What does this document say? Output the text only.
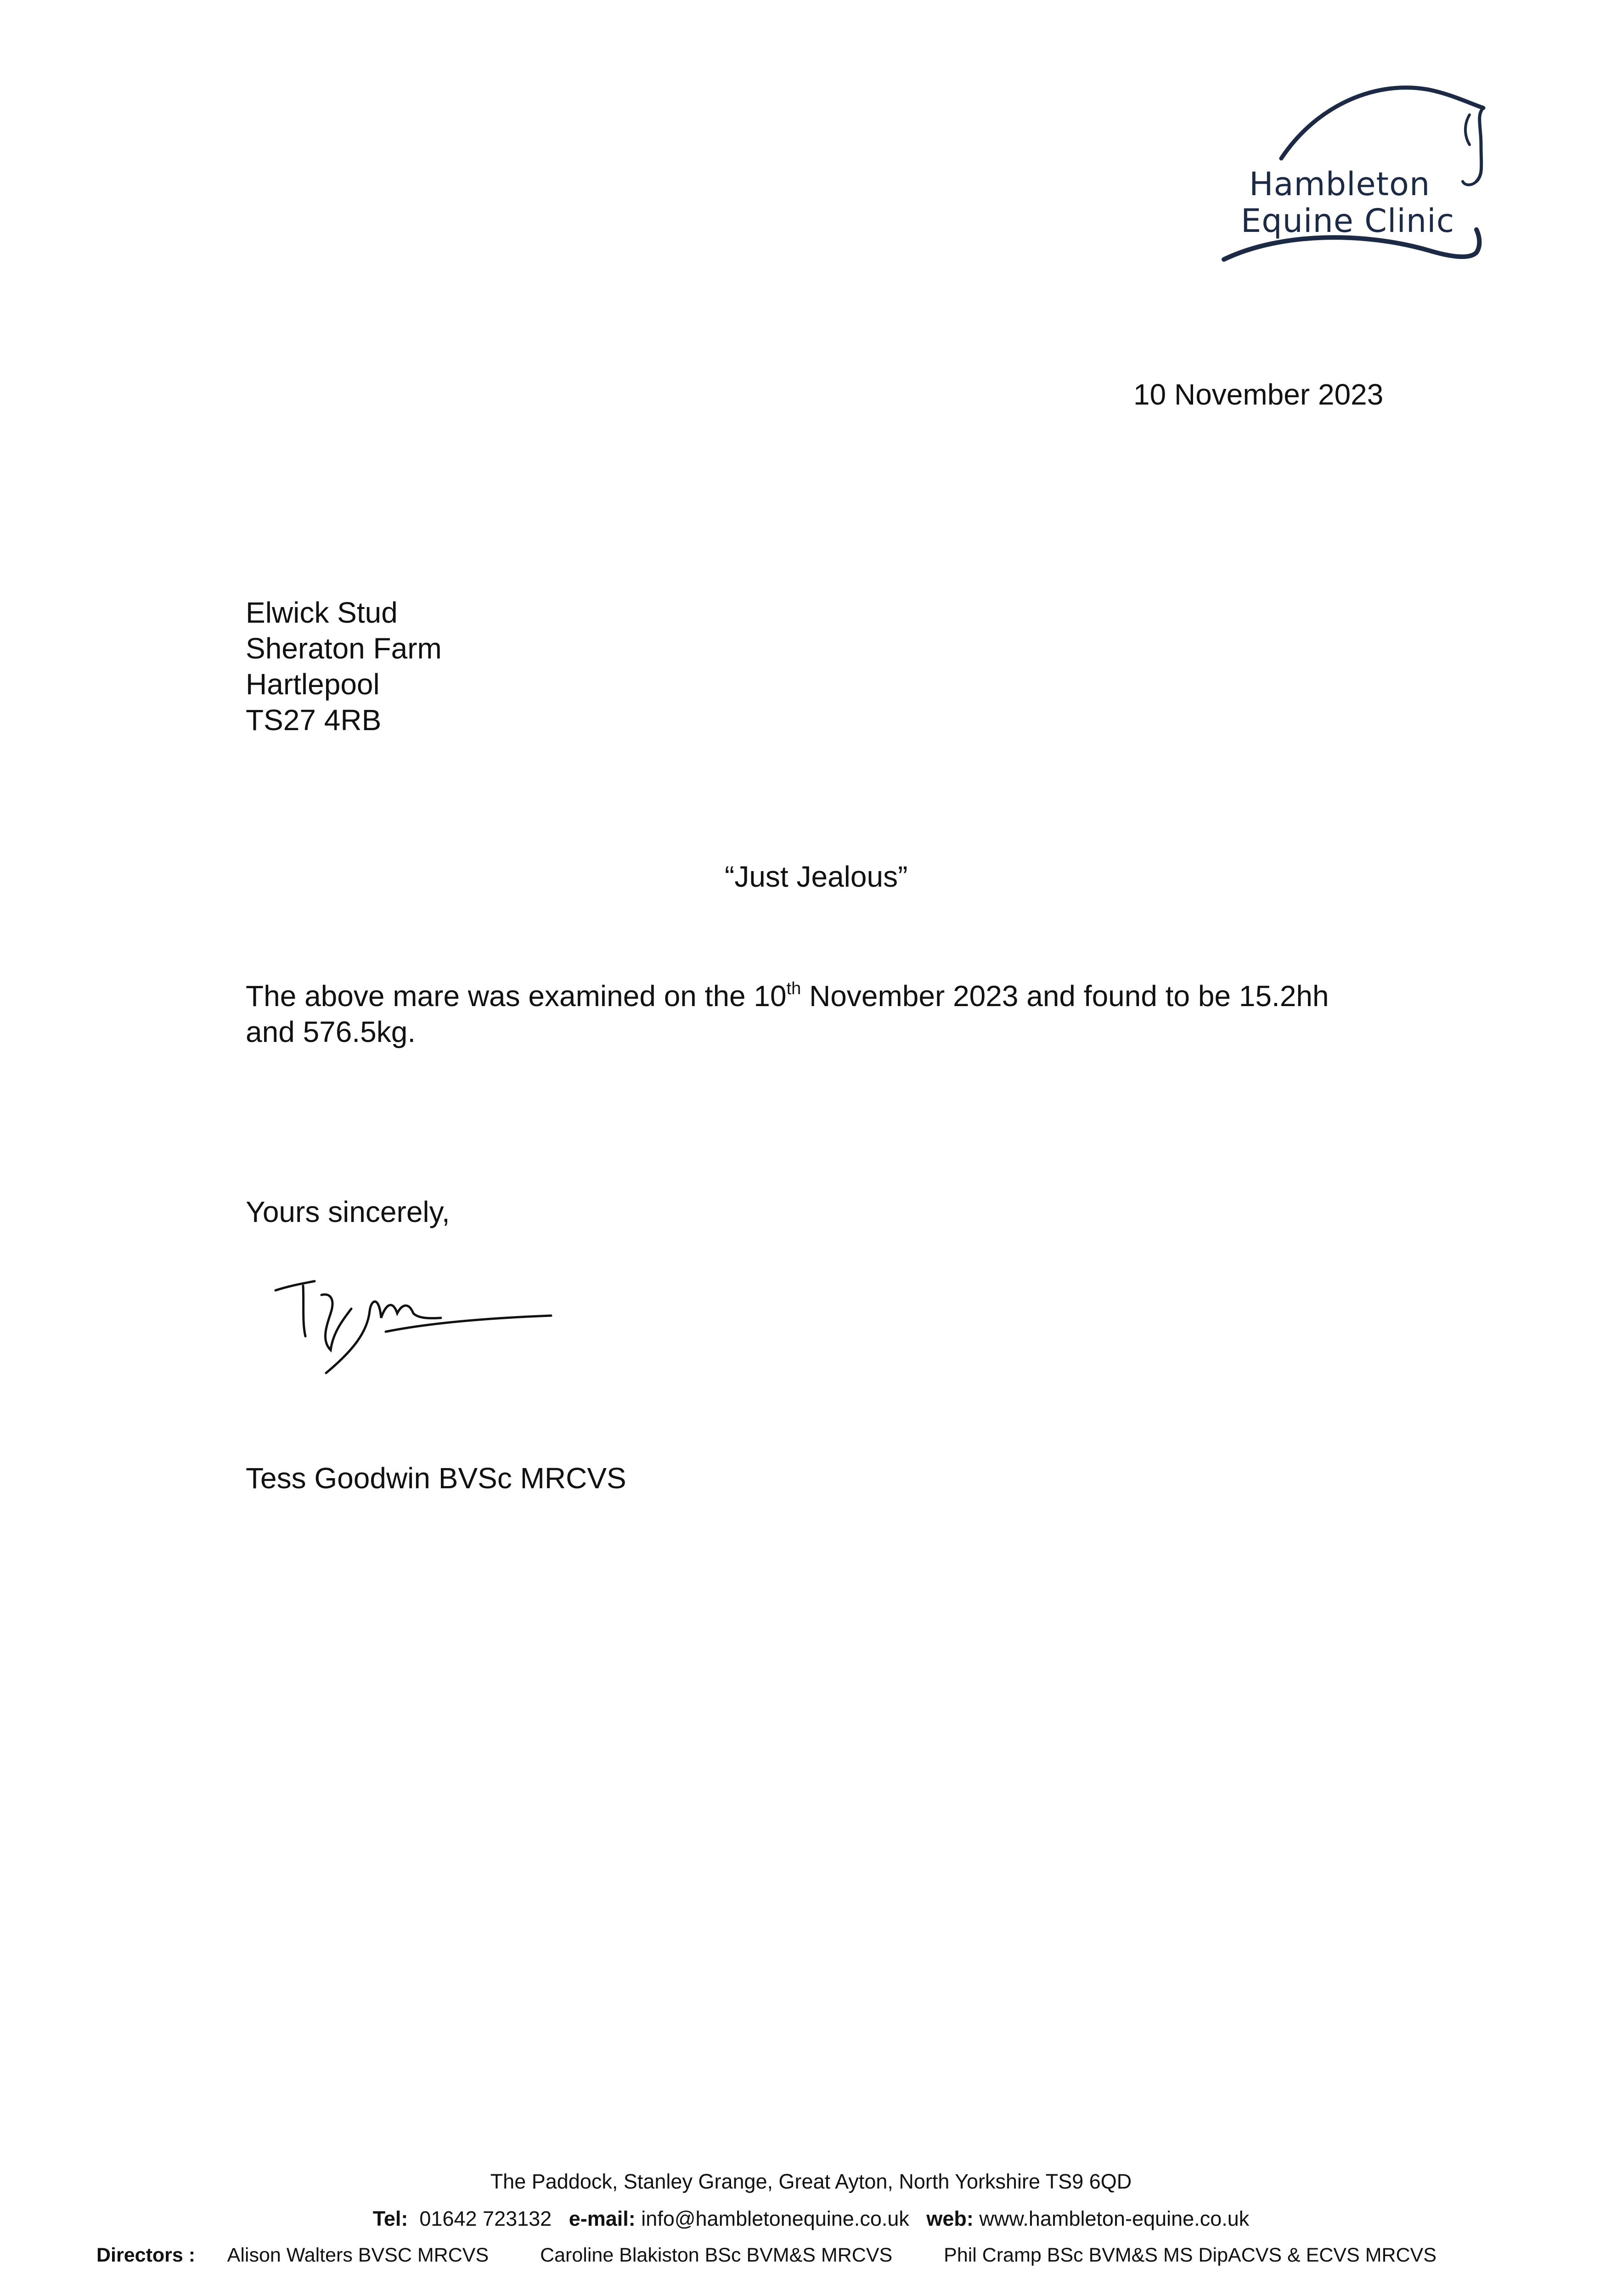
Hambleton
Equine Clinic
10 November 2023
Elwick Stud
Sheraton Farm
Hartlepool
TS27 4RB
“Just Jealous”
The above mare was examined on the 10th November 2023 and found to be 15.2hh
and 576.5kg.
Yours sincerely,
Tess Goodwin BVSc MRCVS
The Paddock, Stanley Grange, Great Ayton, North Yorkshire TS9 6QD
Tel: 01642 723132 e-mail: info@hambletonequine.co.uk web: www.hambleton-equine.co.uk
Directors : Alison Walters BVSC MRCVS	Caroline Blakiston BSc BVM&S MRCVS	Phil Cramp BSc BVM&S MS DipACVS & ECVS MRCVS
